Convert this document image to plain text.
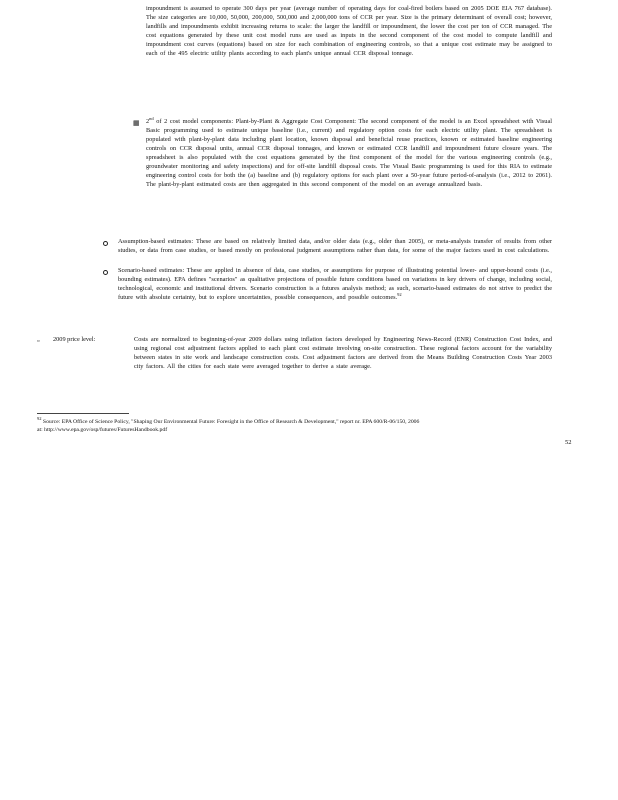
impoundment is assumed to operate 300 days per year (average number of operating days for coal-fired boilers based on 2005 DOE EIA 767 database). The size categories are 10,000, 50,000, 200,000, 500,000 and 2,000,000 tons of CCR per year. Size is the primary determinant of overall cost; however, landfills and impoundments exhibit increasing returns to scale: the larger the landfill or impoundment, the lower the cost per ton of CCR managed. The cost equations generated by these unit cost model runs are used as inputs in the second component of the cost model to compute landfill and impoundment cost curves (equations) based on size for each combination of engineering controls, so that a unique cost estimate may be assigned to each of the 495 electric utility plants according to each plant's unique annual CCR disposal tonnage.

▦ 2nd of 2 cost model components: Plant-by-Plant & Aggregate Cost Component: The second component of the model is an Excel spreadsheet with Visual Basic programming used to estimate unique baseline (i.e., current) and regulatory option costs for each electric utility plant. The spreadsheet is populated with plant-by-plant data including plant location, known disposal and beneficial reuse practices, known or estimated baseline engineering controls on CCR disposal units, annual CCR disposal tonnages, and known or estimated CCR landfill and impoundment future closure years. The spreadsheet is also populated with the cost equations generated by the first component of the model for the various engineering controls (e.g., groundwater monitoring and safety inspections) and for off-site landfill disposal costs. The Visual Basic programming is used for this RIA to estimate engineering control costs for both the (a) baseline and (b) regulatory options for each plant over a 50-year future period-of-analysis (i.e., 2012 to 2061). The plant-by-plant estimated costs are then aggregated in this second component of the model on an average annualized basis.

Assumption-based estimates: These are based on relatively limited data, and/or older data (e.g., older than 2005), or meta-analysis transfer of results from other studies, or data from case studies, or based mostly on professional judgment assumptions rather than data, for some of the major factors used in cost calculations.

Scenario-based estimates: These are applied in absence of data, case studies, or assumptions for purpose of illustrating potential lower- and upper-bound costs (i.e., bounding estimates). EPA defines "scenarios" as qualitative projections of possible future conditions based on variations in key drivers of change, including social, technological, economic and institutional drivers. Scenario construction is a futures analysis method; as such, scenario-based estimates do not strive to predict the future with absolute certainty, but to explore uncertainties, possible consequences, and possible outcomes.$^{92}$

▫ 2009 price level:	Costs are normalized to beginning-of-year 2009 dollars using inflation factors developed by Engineering News-Record (ENR) Construction Cost Index, and using regional cost adjustment factors applied to each plant cost estimate involving on-site construction. These regional factors account for the variability between states in site work and landscape construction costs. Cost adjustment factors are derived from the Means Building Construction Costs Year 2003 city factors. All the cities for each state were averaged together to derive a state average.

$^{92}$ Source: EPA Office of Science Policy, "Shaping Our Environmental Future: Foresight in the Office of Research & Development," report nr. EPA 600/R-06/150, 2006
at: http://www.epa.gov/osp/futures/FuturesHandbook.pdf

52
